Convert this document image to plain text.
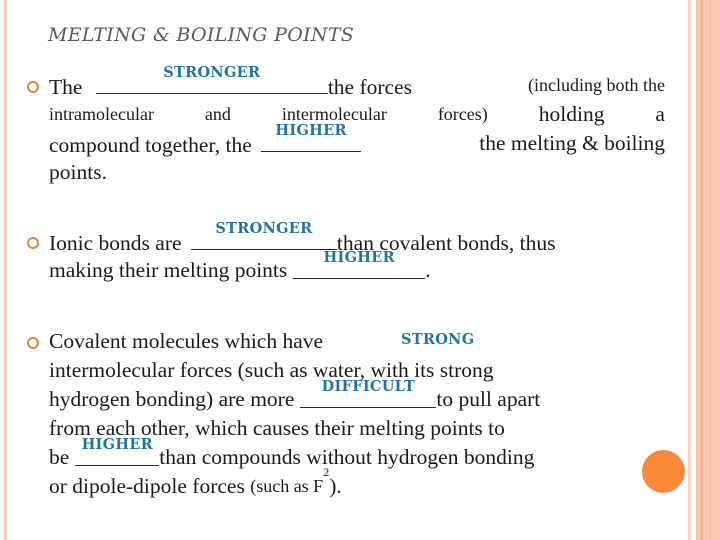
MELTING & BOILING POINTS
The
STRONGER
the forces	(including both the
intramolecular	and	intermolecular	forces) holding a
compound together, the
HIGHER
the melting & boiling
points.
Ionic bonds are
STRONGER
than covalent bonds, thus
making their melting points
HIGHER
.
Covalent molecules which have	STRONG
intermolecular forces (such as water, with its strong
hydrogen bonding) are more
DIFFICULT
to pull apart
from each other, which causes their melting points to
be
HIGHER
than compounds without hydrogen bonding
or dipole-dipole forces
(such as F
2
).
